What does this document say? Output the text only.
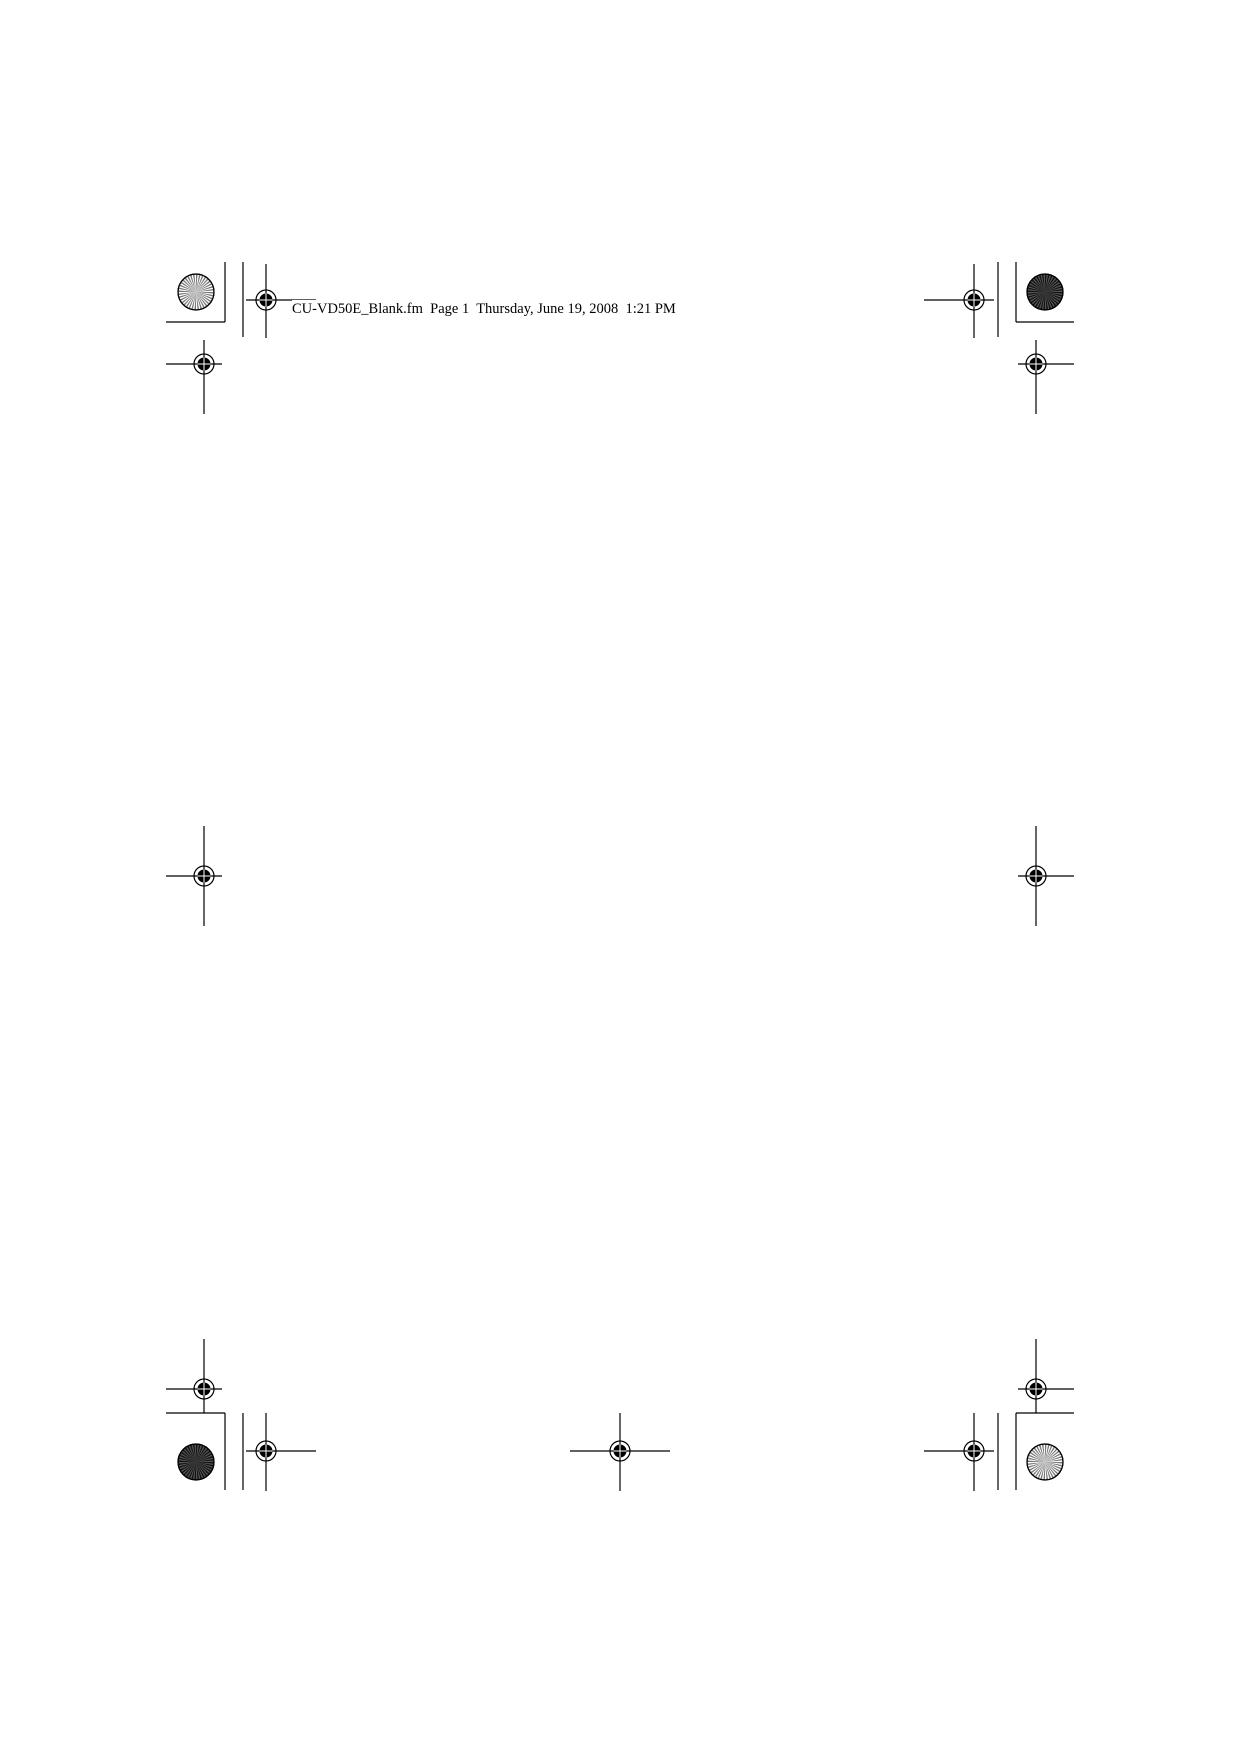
CU-VD50E_Blank.fm  Page 1  Thursday, June 19, 2008  1:21 PM
